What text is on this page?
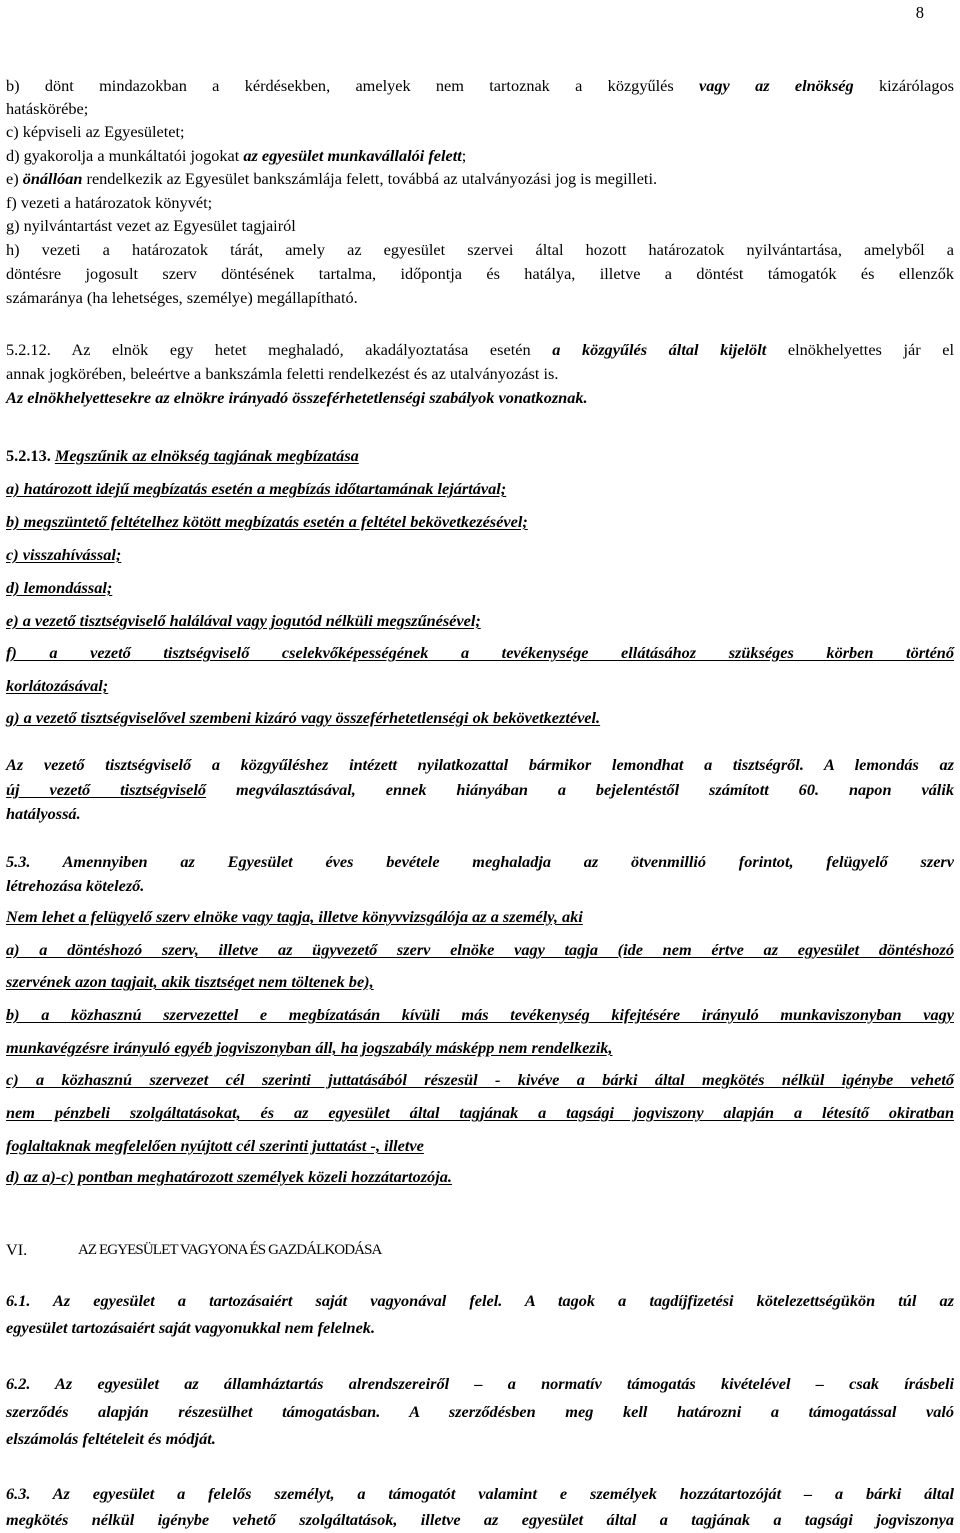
8
b) dönt mindazokban a kérdésekben, amelyek nem tartoznak a közgyűlés vagy az elnökség kizárólagos
hatáskörébe;
c) képviseli az Egyesületet;
d) gyakorolja a munkáltatói jogokat az egyesület munkavállalói felett;
e) önállóan rendelkezik az Egyesület bankszámlája felett, továbbá az utalványozási jog is megilleti.
f) vezeti a határozatok könyvét;
g) nyilvántartást vezet az Egyesület tagjairól
h) vezeti a határozatok tárát, amely az egyesület szervei által hozott határozatok nyilvántartása, amelyből a
döntésre jogosult szerv döntésének tartalma, időpontja és hatálya, illetve a döntést támogatók és ellenzők
számaránya (ha lehetséges, személye) megállapítható.
5.2.12. Az elnök egy hetet meghaladó, akadályoztatása esetén a közgyűlés által kijelölt elnökhelyettes jár el
annak jogkörében, beleértve a bankszámla feletti rendelkezést és az utalványozást is.
Az elnökhelyettesekre az elnökre irányadó összeférhetetlenségi szabályok vonatkoznak.
5.2.13. Megszűnik az elnökség tagjának megbízatása
a) határozott idejű megbízatás esetén a megbízás időtartamának lejártával;
b) megszüntető feltételhez kötött megbízatás esetén a feltétel bekövetkezésével;
c) visszahívással;
d) lemondással;
e) a vezető tisztségviselő halálával vagy jogutód nélküli megszűnésével;
f) a vezető tisztségviselő cselekvőképességének a tevékenysége ellátásához szükséges körben történő
korlátozásával;
g) a vezető tisztségviselővel szembeni kizáró vagy összeférhetetlenségi ok bekövetkeztével.
Az vezető tisztségviselő a közgyűléshez intézett nyilatkozattal bármikor lemondhat a tisztségről. A lemondás az
új vezető tisztségviselő megválasztásával, ennek hiányában a bejelentéstől számított 60. napon válik
hatályossá.
5.3. Amennyiben az Egyesület éves bevétele meghaladja az ötvenmillió forintot, felügyelő szerv
létrehozása kötelező.
Nem lehet a felügyelő szerv elnöke vagy tagja, illetve könyvvizsgálója az a személy, aki
a) a döntéshozó szerv, illetve az ügyvezető szerv elnöke vagy tagja (ide nem értve az egyesület döntéshozó
szervének azon tagjait, akik tisztséget nem töltenek be),
b) a közhasznú szervezettel e megbízatásán kívüli más tevékenység kifejtésére irányuló munkaviszonyban vagy
munkavégzésre irányuló egyéb jogviszonyban áll, ha jogszabály másképp nem rendelkezik,
c) a közhasznú szervezet cél szerinti juttatásából részesül - kivéve a bárki által megkötés nélkül igénybe vehető
nem pénzbeli szolgáltatásokat, és az egyesület által tagjának a tagsági jogviszony alapján a létesítő okiratban
foglaltaknak megfelelően nyújtott cél szerinti juttatást -, illetve
d) az a)-c) pontban meghatározott személyek közeli hozzátartozója.
VI.	AZ EGYESÜLET VAGYONA ÉS GAZDÁLKODÁSA
6.1. Az egyesület a tartozásaiért saját vagyonával felel. A tagok a tagdíjfizetési kötelezettségükön túl az
egyesület tartozásaiért saját vagyonukkal nem felelnek.
6.2. Az egyesület az államháztartás alrendszereiről – a normatív támogatás kivételével – csak írásbeli
szerződés alapján részesülhet támogatásban. A szerződésben meg kell határozni a támogatással való
elszámolás feltételeit és módját.
6.3. Az egyesület a felelős személyt, a támogatót valamint e személyek hozzátartozóját – a bárki által
megkötés nélkül igénybe vehető szolgáltatások, illetve az egyesület által a tagjának a tagsági jogviszonya
